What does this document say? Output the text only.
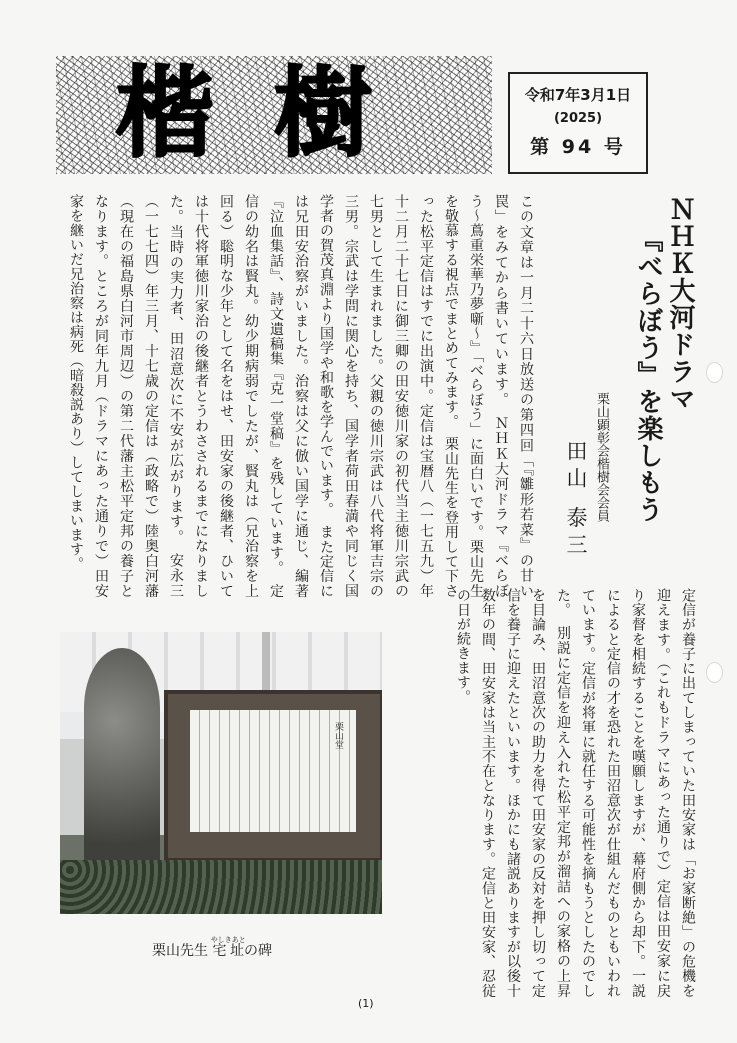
楷樹	令和7年3月1日
(2025)
第 94 号
ＮＨＫ大河ドラマ
『べらぼう』を楽しもう
栗山顕彰会楷樹会会員
田山 泰三
この文章は一月二十六日放送の第四回「『雛形若菜』の甘い罠」をみてから書いています。　ＮＨＫ大河ドラマ『べらぼう〜蔦重栄華乃夢噺〜』「べらぼう」に面白いです。栗山先生を敬慕する視点でまとめてみます。　栗山先生を登用して下さった松平定信はすでに出演中。定信は宝暦八（一七五九）年十二月二十七日に御三卿の田安徳川家の初代当主徳川宗武の七男として生まれました。父親の徳川宗武は八代将軍吉宗の三男。宗武は学問に関心を持ち、国学者荷田春満や同じく国学者の賀茂真淵より国学や和歌を学んでいます。　また定信には兄田安治察がいました。治察は父に倣い国学に通じ、編著『泣血集話』、詩文遺稿集『克一堂稿』を残しています。　定信の幼名は賢丸。幼少期病弱でしたが、賢丸は（兄治察を上回る）聡明な少年として名をはせ、田安家の後継者、ひいては十代将軍徳川家治の後継者とうわさされるまでになりました。当時の実力者、田沼意次に不安が広がります。　安永三（一七七四）年三月、十七歳の定信は（政略で）陸奥白河藩（現在の福島県白河市周辺）の第二代藩主松平定邦の養子となります。ところが同年九月（ドラマにあった通りで）田安家を継いだ兄治察は病死（暗殺説あり）してしまいます。
定信が養子に出てしまっていた田安家は「お家断絶」の危機を迎えます。（これもドラマにあった通りで）定信は田安家に戻り家督を相続することを嘆願しますが、幕府側から却下。一説によると定信の才を恐れた田沼意次が仕組んだものともいわれています。定信が将軍に就任する可能性を摘もうとしたのでした。　別説に定信を迎え入れた松平定邦が溜詰への家格の上昇を目論み、田沼意次の助力を得て田安家の反対を押し切って定信を養子に迎えたといいます。ほかにも諸説ありますが以後十数年の間、田安家は当主不在となります。定信と田安家、忍従の日が続きます。
栗山堂
栗山先生 宅址やしきあとの碑
(1)
